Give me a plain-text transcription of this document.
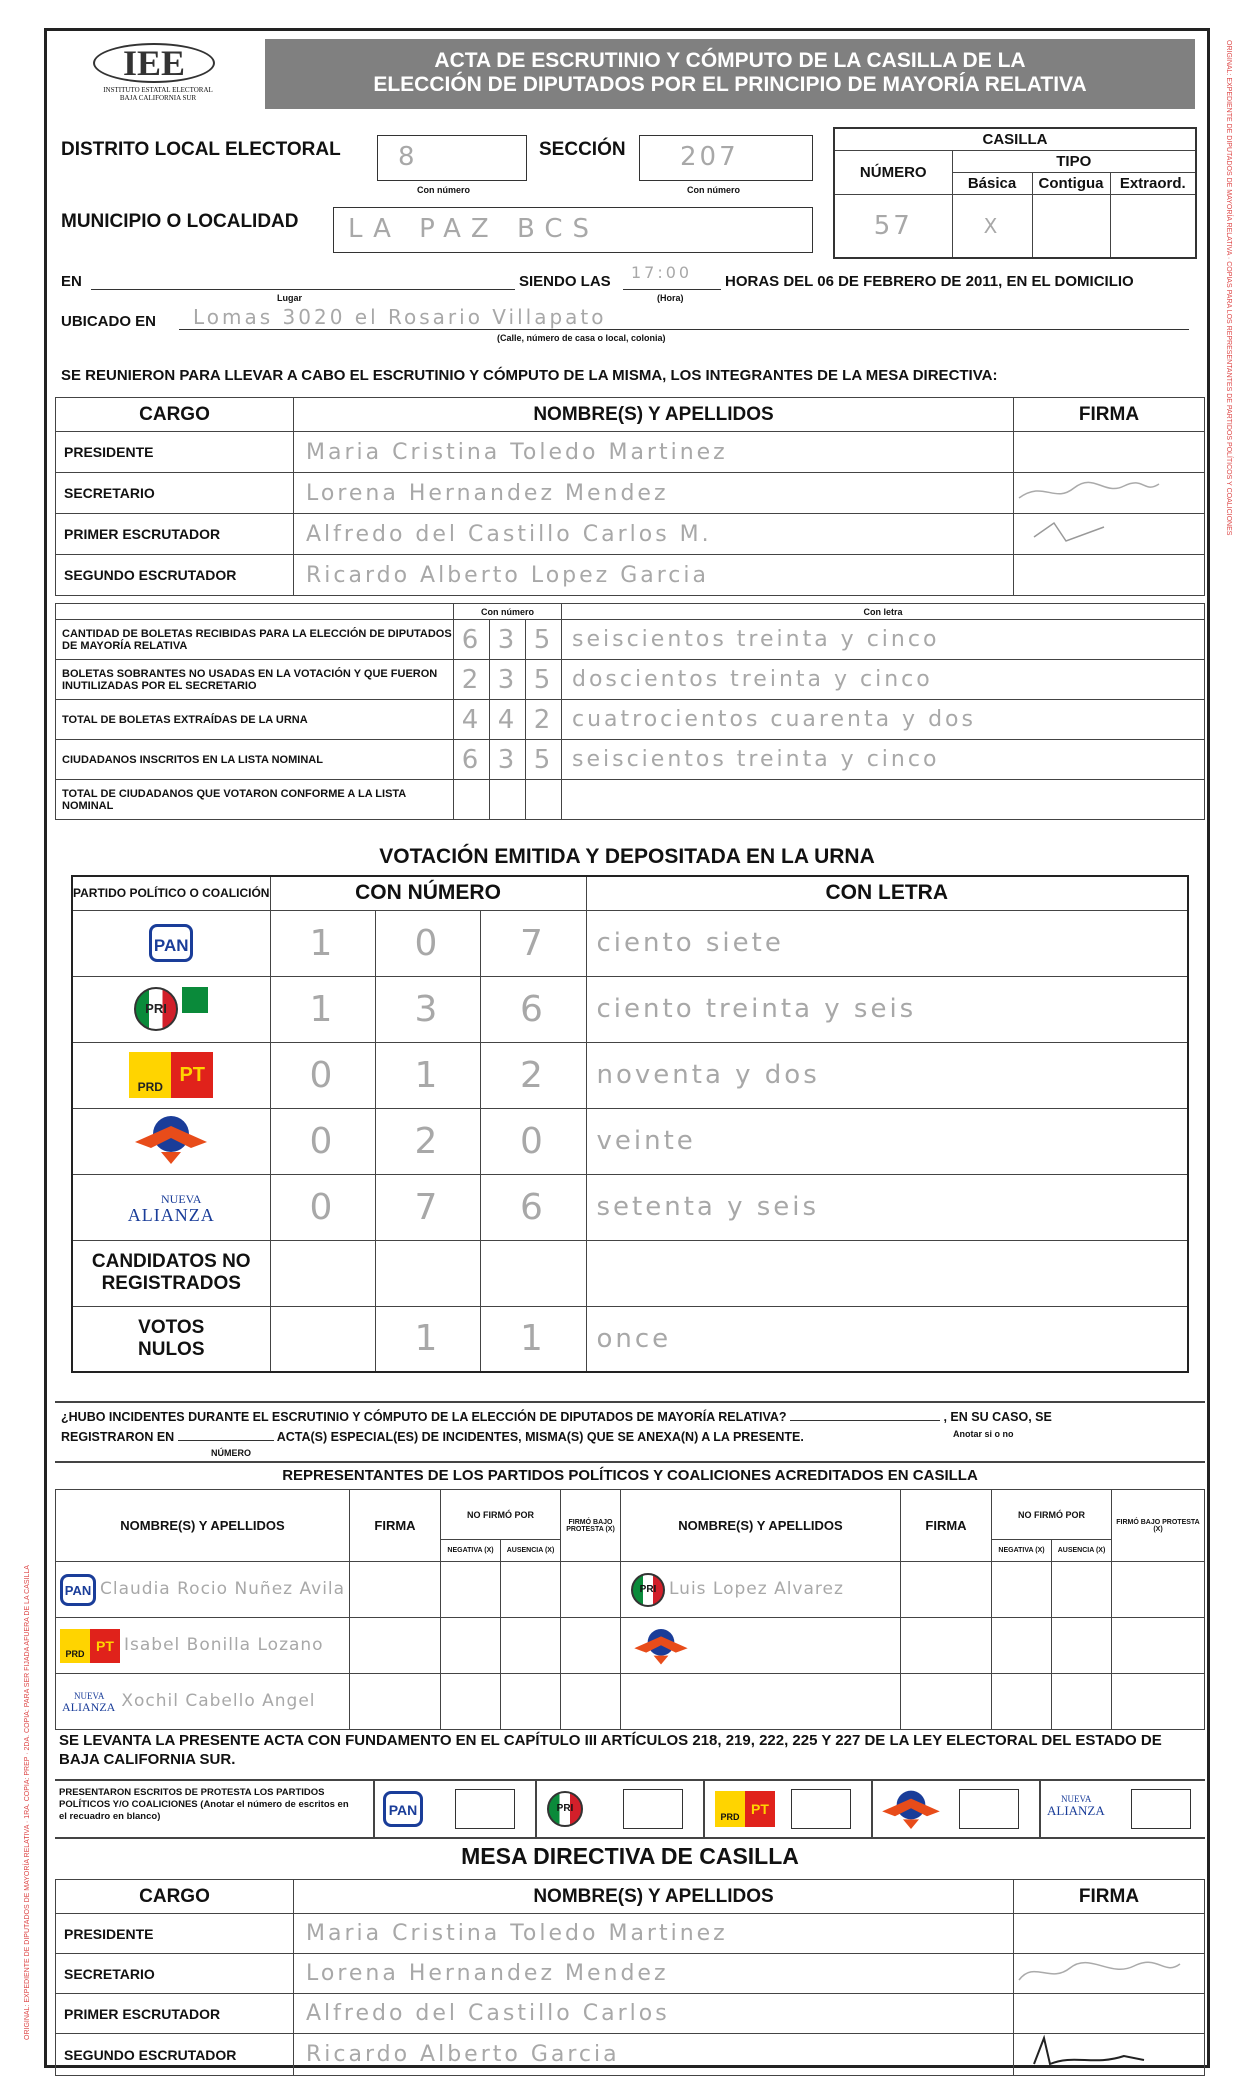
IEE
INSTITUTO ESTATAL ELECTORAL
BAJA CALIFORNIA SUR
ACTA DE ESCRUTINIO Y CÓMPUTO DE LA CASILLA DE LA
ELECCIÓN DE DIPUTADOS POR EL PRINCIPIO DE MAYORÍA RELATIVA
DISTRITO LOCAL ELECTORAL	8
Con número
SECCIÓN	207
Con número
MUNICIPIO O LOCALIDAD	LA PAZ BCS
CASILLA			
NÚMERO	TIPO		
	Básica	Contigua	Extraord.
57	X		
EN
Lugar
SIENDO LAS 17:00
(Hora)
HORAS DEL 06 DE FEBRERO DE 2011, EN EL DOMICILIO
UBICADO EN Lomas 3020 el Rosario Villapato
(Calle, número de casa o local, colonia)
SE REUNIERON PARA LLEVAR A CABO EL ESCRUTINIO Y CÓMPUTO DE LA MISMA, LOS INTEGRANTES DE LA MESA DIRECTIVA:
CARGO	NOMBRE(S) Y APELLIDOS	FIRMA
PRESIDENTE	Maria Cristina Toledo Martinez	
SECRETARIO	Lorena Hernandez Mendez	
PRIMER ESCRUTADOR	Alfredo del Castillo Carlos M.	
SEGUNDO ESCRUTADOR	Ricardo Alberto Lopez Garcia	
	Con número			Con letra
CANTIDAD DE BOLETAS RECIBIDAS PARA LA ELECCIÓN DE DIPUTADOS DE MAYORÍA RELATIVA	6	3	5	seiscientos treinta y cinco
BOLETAS SOBRANTES NO USADAS EN LA VOTACIÓN Y QUE FUERON INUTILIZADAS POR EL SECRETARIO	2	3	5	doscientos treinta y cinco
TOTAL DE BOLETAS EXTRAÍDAS DE LA URNA	4	4	2	cuatrocientos cuarenta y dos
CIUDADANOS INSCRITOS EN LA LISTA NOMINAL	6	3	5	seiscientos treinta y cinco
TOTAL DE CIUDADANOS QUE VOTARON CONFORME A LA LISTA NOMINAL				
VOTACIÓN EMITIDA Y DEPOSITADA EN LA URNA
PARTIDO POLÍTICO O COALICIÓN	CON NÚMERO			CON LETRA
PAN	1	0	7	ciento siete
PRI	1	3	6	ciento treinta y seis
PRDPT	0	1	2	noventa y dos
	0	2	0	veinte

NUEVA
ALIANZA	0	7	6	setenta y seis
CANDIDATOS NO REGISTRADOS				
VOTOS NULOS		1	1	once
¿HUBO INCIDENTES DURANTE EL ESCRUTINIO Y CÓMPUTO DE LA ELECCIÓN DE DIPUTADOS DE MAYORÍA RELATIVA?	, EN SU CASO, SE
REGISTRARON EN	ACTA(S) ESPECIAL(ES) DE INCIDENTES, MISMA(S) QUE SE ANEXA(N) A LA PRESENTE.
NÚMERO
Anotar si o no
REPRESENTANTES DE LOS PARTIDOS POLÍTICOS Y COALICIONES ACREDITADOS EN CASILLA
NOMBRE(S) Y APELLIDOS	FIRMA	NO FIRMÓ POR		FIRMÓ BAJO PROTESTA (X)	NOMBRE(S) Y APELLIDOS	FIRMA	NO FIRMÓ POR		FIRMÓ BAJO PROTESTA (X)
		NEGATIVA (X)	AUSENCIA (X)				NEGATIVA (X)	AUSENCIA (X)	
PAN Claudia Rocio Nuñez Avila					PRI Luis Lopez Alvarez				
PRD PT Isabel Bonilla Lozano									

NUEVA
ALIANZA Xochil Cabello Angel									
SE LEVANTA LA PRESENTE ACTA CON FUNDAMENTO EN EL CAPÍTULO III ARTÍCULOS 218, 219, 222, 225 Y 227 DE LA LEY ELECTORAL DEL ESTADO DE BAJA CALIFORNIA SUR.
PRESENTARON ESCRITOS DE PROTESTA LOS PARTIDOS POLÍTICOS Y/O COALICIONES (Anotar el número de escritos en el recuadro en blanco)	PAN	PRI
PRD PT
NUEVA
ALIANZA
MESA DIRECTIVA DE CASILLA
CARGO	NOMBRE(S) Y APELLIDOS	FIRMA
PRESIDENTE	Maria Cristina Toledo Martinez	
SECRETARIO	Lorena Hernandez Mendez	
PRIMER ESCRUTADOR	Alfredo del Castillo Carlos	
SEGUNDO ESCRUTADOR	Ricardo Alberto Garcia	
ORIGINAL: EXPEDIENTE DE DIPUTADOS DE MAYORÍA RELATIVA · 1RA. COPIA: PREP · 2DA. COPIA: PARA SER FIJADA AFUERA DE LA CASILLA
ORIGINAL: EXPEDIENTE DE DIPUTADOS DE MAYORÍA RELATIVA · COPIAS PARA LOS REPRESENTANTES DE PARTIDOS POLÍTICOS Y COALICIONES
